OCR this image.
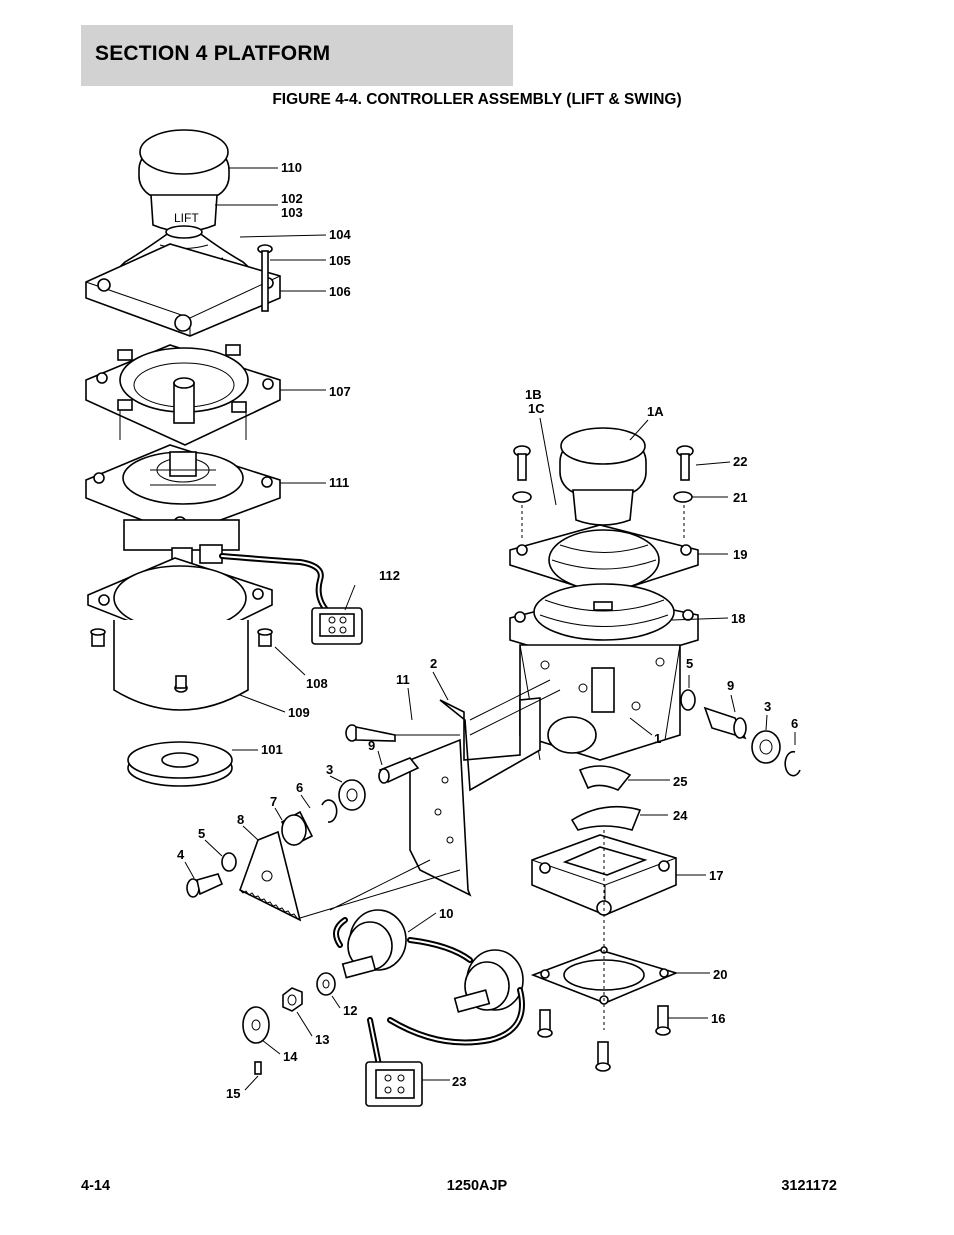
SECTION 4 PLATFORM
FIGURE 4-4. CONTROLLER ASSEMBLY (LIFT & SWING)
LIFT
110
102
103
104
105
106
107
111
112
108
109
101
1B
1C	1A
22
21
19
18
5
9
3
6
2
11
1
9
3
6
7
8
5
4
25
24
17
10
20
16
12
13
14
15
23
4-14	1250AJP	3121172
